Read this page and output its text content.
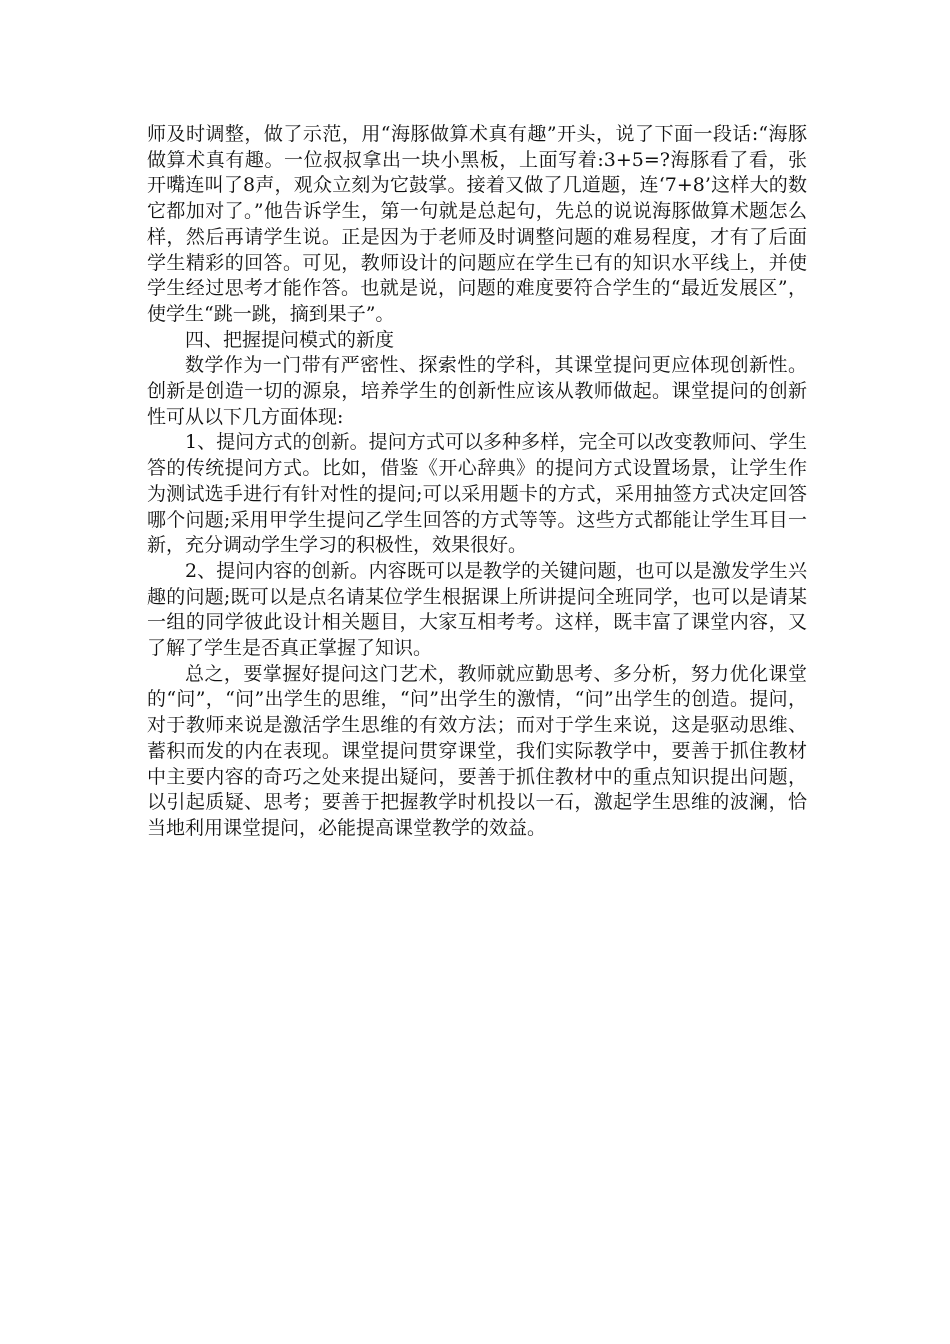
师及时调整，做了示范，用“海豚做算术真有趣”开头，说了下面一段话:“海豚做算术真有趣。一位叔叔拿出一块小黑板，上面写着:3+5=?海豚看了看，张开嘴连叫了8声，观众立刻为它鼓掌。接着又做了几道题，连‘7+8’这样大的数它都加对了。”他告诉学生，第一句就是总起句，先总的说说海豚做算术题怎么样，然后再请学生说。正是因为于老师及时调整问题的难易程度，才有了后面学生精彩的回答。可见，教师设计的问题应在学生已有的知识水平线上，并使学生经过思考才能作答。也就是说，问题的难度要符合学生的“最近发展区”，使学生“跳一跳，摘到果子”。

四、把握提问模式的新度

数学作为一门带有严密性、探索性的学科，其课堂提问更应体现创新性。创新是创造一切的源泉，培养学生的创新性应该从教师做起。课堂提问的创新性可从以下几方面体现:

1、提问方式的创新。提问方式可以多种多样，完全可以改变教师问、学生答的传统提问方式。比如，借鉴《开心辞典》的提问方式设置场景，让学生作为测试选手进行有针对性的提问;可以采用题卡的方式，采用抽签方式决定回答哪个问题;采用甲学生提问乙学生回答的方式等等。这些方式都能让学生耳目一新，充分调动学生学习的积极性，效果很好。

2、提问内容的创新。内容既可以是教学的关键问题，也可以是激发学生兴趣的问题;既可以是点名请某位学生根据课上所讲提问全班同学，也可以是请某一组的同学彼此设计相关题目，大家互相考考。这样，既丰富了课堂内容，又了解了学生是否真正掌握了知识。

总之，要掌握好提问这门艺术，教师就应勤思考、多分析，努力优化课堂的“问”，“问”出学生的思维，“问”出学生的激情，“问”出学生的创造。提问，对于教师来说是激活学生思维的有效方法；而对于学生来说，这是驱动思维、蓄积而发的内在表现。课堂提问贯穿课堂，我们实际教学中，要善于抓住教材中主要内容的奇巧之处来提出疑问，要善于抓住教材中的重点知识提出问题，以引起质疑、思考；要善于把握教学时机投以一石，激起学生思维的波澜，恰当地利用课堂提问，必能提高课堂教学的效益。
